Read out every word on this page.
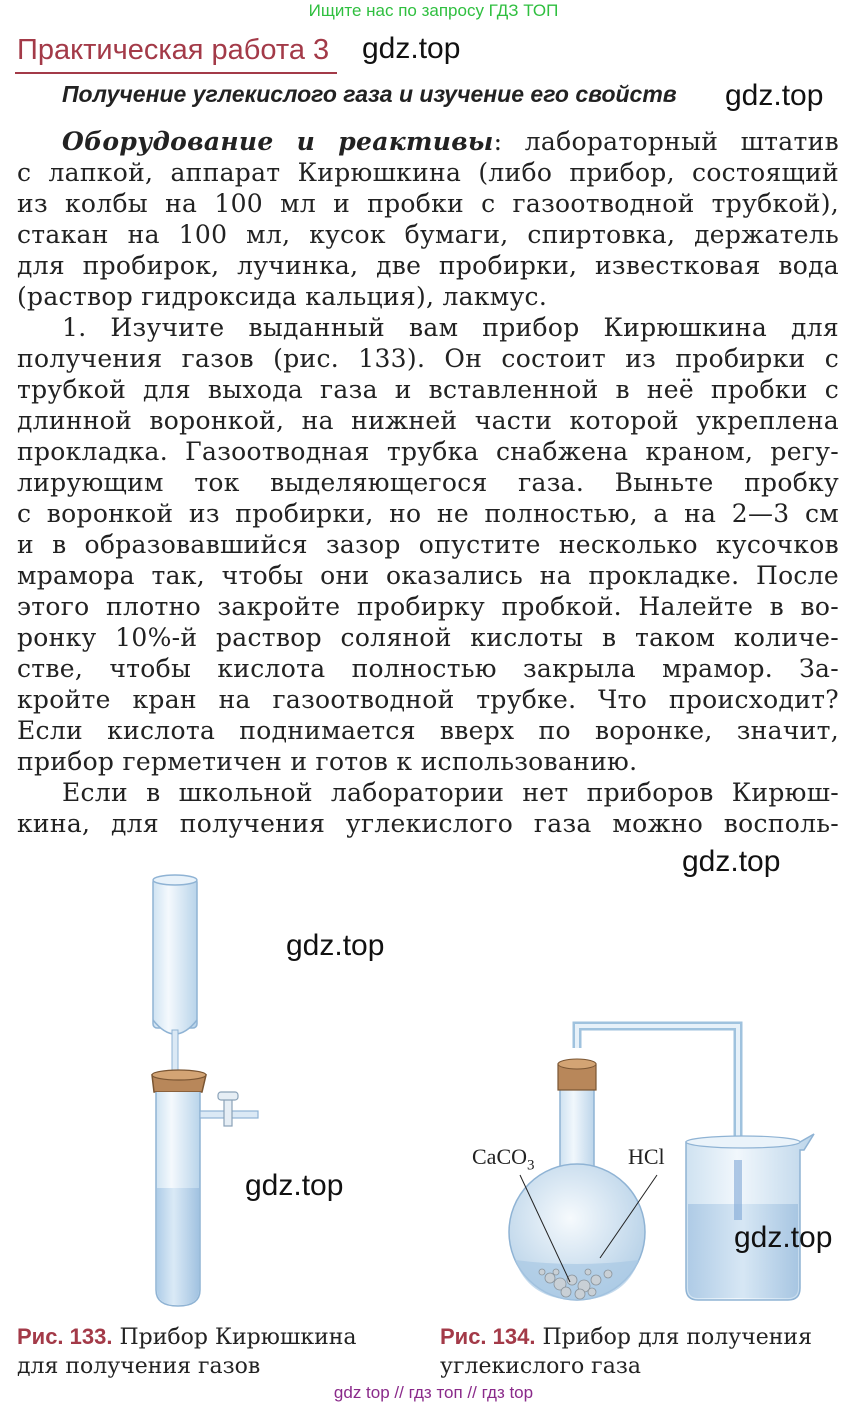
Ищите нас по запросу ГДЗ ТОП
Практическая работа 3 gdz.top
Получение углекислого газа и изучение его свойств gdz.top
Оборудование и реактивы: лабораторный штатив
с лапкой, аппарат Кирюшкина (либо прибор, состоящий
из колбы на 100 мл и пробки с газоотводной трубкой),
стакан на 100 мл, кусок бумаги, спиртовка, держатель
для пробирок, лучинка, две пробирки, известковая вода
(раствор гидроксида кальция), лакмус.
1. Изучите выданный вам прибор Кирюшкина для
получения газов (рис. 133). Он состоит из пробирки с
трубкой для выхода газа и вставленной в неё пробки с
длинной воронкой, на нижней части которой укреплена
прокладка. Газоотводная трубка снабжена краном, регу-
лирующим ток выделяющегося газа. Выньте пробку
с воронкой из пробирки, но не полностью, а на 2—3 см
и в образовавшийся зазор опустите несколько кусочков
мрамора так, чтобы они оказались на прокладке. После
этого плотно закройте пробирку пробкой. Налейте в во-
ронку 10%-й раствор соляной кислоты в таком количе-
стве, чтобы кислота полностью закрыла мрамор. За-
кройте кран на газоотводной трубке. Что происходит?
Если кислота поднимается вверх по воронке, значит,
прибор герметичен и готов к использованию.
Если в школьной лаборатории нет приборов Кирюш-
кина, для получения углекислого газа можно восполь-
gdz.top
gdz.top
gdz.top
CaCO$_3$	HCl
gdz.top
Рис. 133. Прибор Кирюшкина
для получения газов
Рис. 134. Прибор для получения
углекислого газа
gdz top // гдз топ // гдз top
